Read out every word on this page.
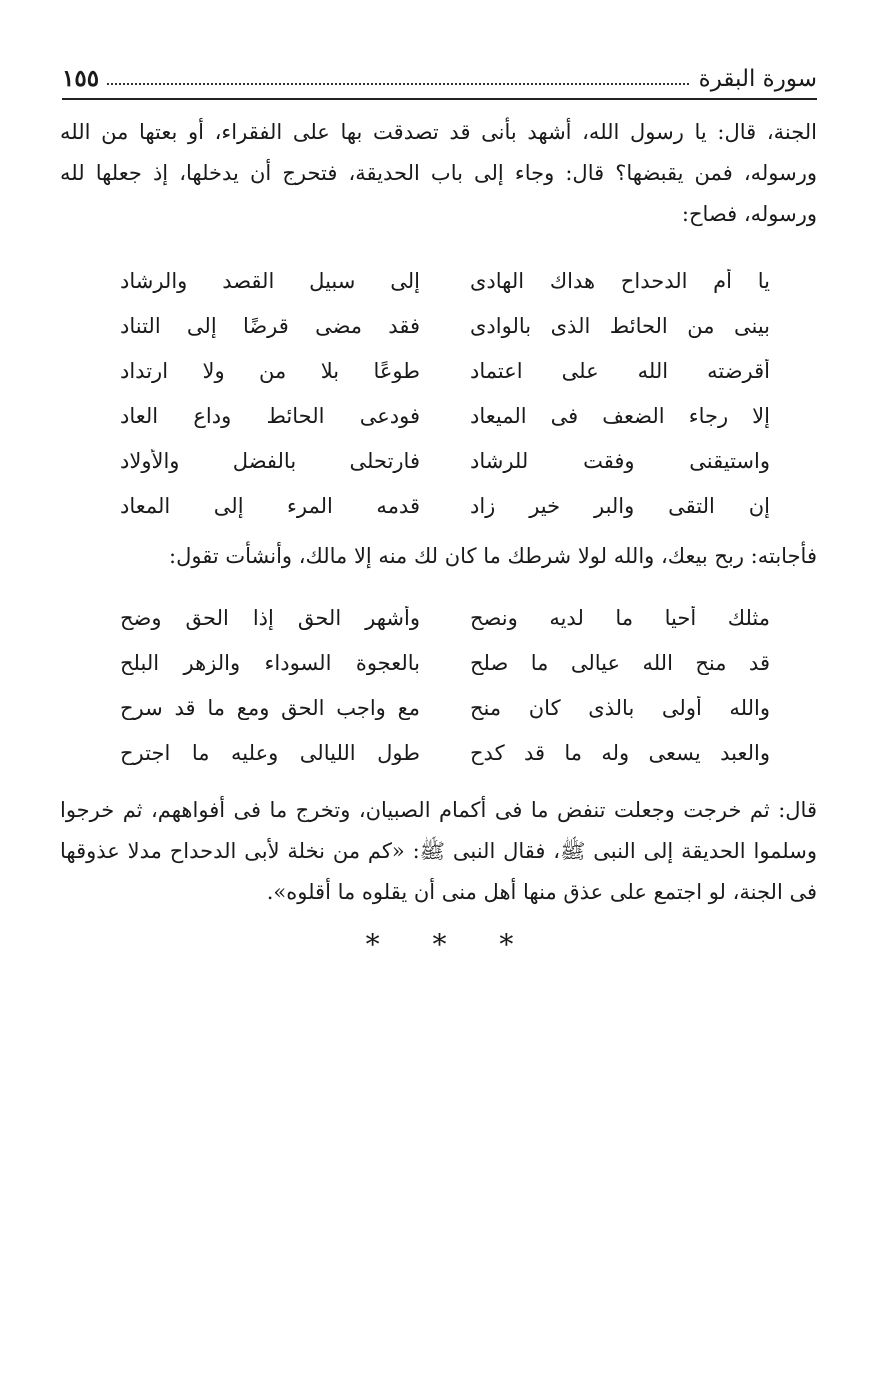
سورة البقرة
١٥٥

الجنة، قال: يا رسول الله، أشهد بأنى قد تصدقت بها على الفقراء، أو بعتها من الله ورسوله، فمن يقبضها؟ قال: وجاء إلى باب الحديقة، فتحرج أن يدخلها، إذ جعلها لله ورسوله، فصاح:

يا أم الدحداح هداك الهادى
إلى سبيل القصد والرشاد
بينى من الحائط الذى بالوادى
فقد مضى قرضًا إلى التناد
أقرضته الله على اعتماد
طوعًا بلا من ولا ارتداد
إلا رجاء الضعف فى الميعاد
فودعى الحائط وداع العاد
واستيقنى وفقت للرشاد
فارتحلى بالفضل والأولاد
إن التقى والبر خير زاد
قدمه المرء إلى المعاد

فأجابته: ربح بيعك، والله لولا شرطك ما كان لك منه إلا مالك، وأنشأت تقول:

مثلك أحيا ما لديه ونصح
وأشهر الحق إذا الحق وضح
قد منح الله عيالى ما صلح
بالعجوة السوداء والزهر البلح
والله أولى بالذى كان منح
مع واجب الحق ومع ما قد سرح
والعبد يسعى وله ما قد كدح
طول الليالى وعليه ما اجترح

قال: ثم خرجت وجعلت تنفض ما فى أكمام الصبيان، وتخرج ما فى أفواههم، ثم خرجوا وسلموا الحديقة إلى النبى ﷺ، فقال النبى ﷺ: «كم من نخلة لأبى الدحداح مدلا عذوقها فى الجنة، لو اجتمع على عذق منها أهل منى أن يقلوه ما أقلوه».

* * *
